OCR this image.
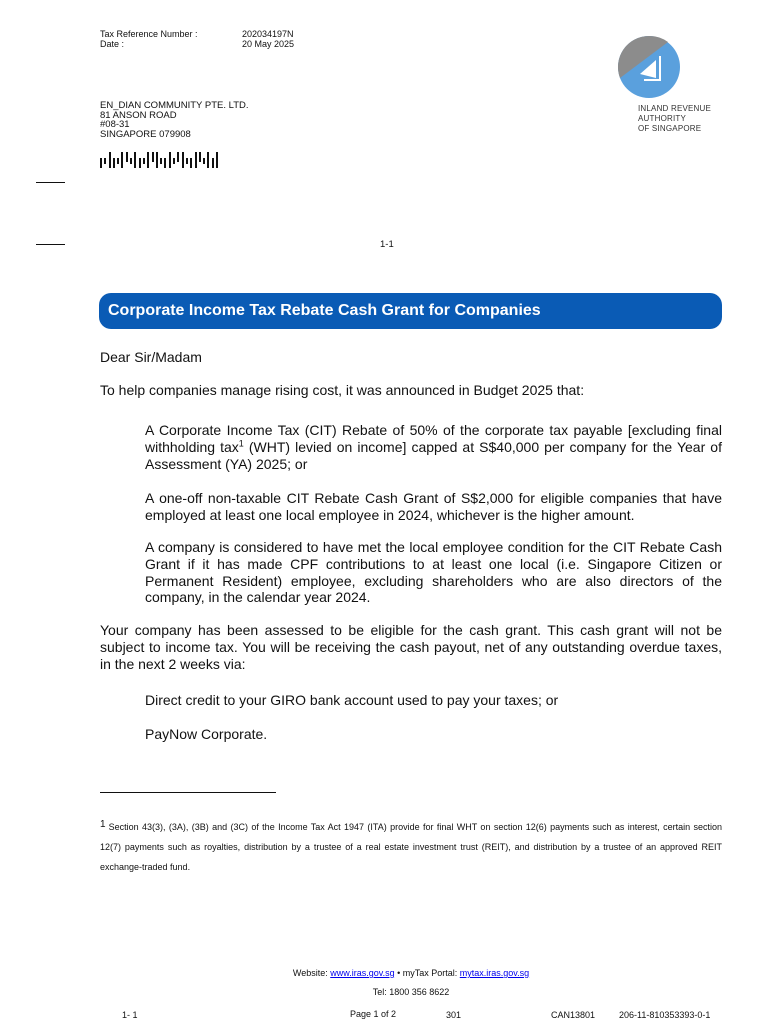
Tax Reference Number :	202034197N
Date :	20 May 2025
INLAND REVENUE
AUTHORITY
OF SINGAPORE
EN_DIAN COMMUNITY PTE. LTD.
81 ANSON ROAD
#08-31
SINGAPORE 079908
1-1
Corporate Income Tax Rebate Cash Grant for Companies
Dear Sir/Madam
To help companies manage rising cost, it was announced in Budget 2025 that:
A Corporate Income Tax (CIT) Rebate of 50% of the corporate tax payable [excluding final withholding tax$^1$ (WHT) levied on income] capped at S$40,000 per company for the Year of Assessment (YA) 2025; or
A one-off non-taxable CIT Rebate Cash Grant of S$2,000 for eligible companies that have employed at least one local employee in 2024, whichever is the higher amount.
A company is considered to have met the local employee condition for the CIT Rebate Cash Grant if it has made CPF contributions to at least one local (i.e. Singapore Citizen or Permanent Resident) employee, excluding shareholders who are also directors of the company, in the calendar year 2024.
Your company has been assessed to be eligible for the cash grant. This cash grant will not be subject to income tax. You will be receiving the cash payout, net of any outstanding overdue taxes, in the next 2 weeks via:
Direct credit to your GIRO bank account used to pay your taxes; or
PayNow Corporate.
1 Section 43(3), (3A), (3B) and (3C) of the Income Tax Act 1947 (ITA) provide for final WHT on section 12(6) payments such as interest, certain section 12(7) payments such as royalties, distribution by a trustee of a real estate investment trust (REIT), and distribution by a trustee of an approved REIT exchange-traded fund.
Website: www.iras.gov.sg • myTax Portal: mytax.iras.gov.sg
Tel: 1800 356 8622
1- 1	Page 1 of 2	301	CAN13801	206-11-810353393-0-1
